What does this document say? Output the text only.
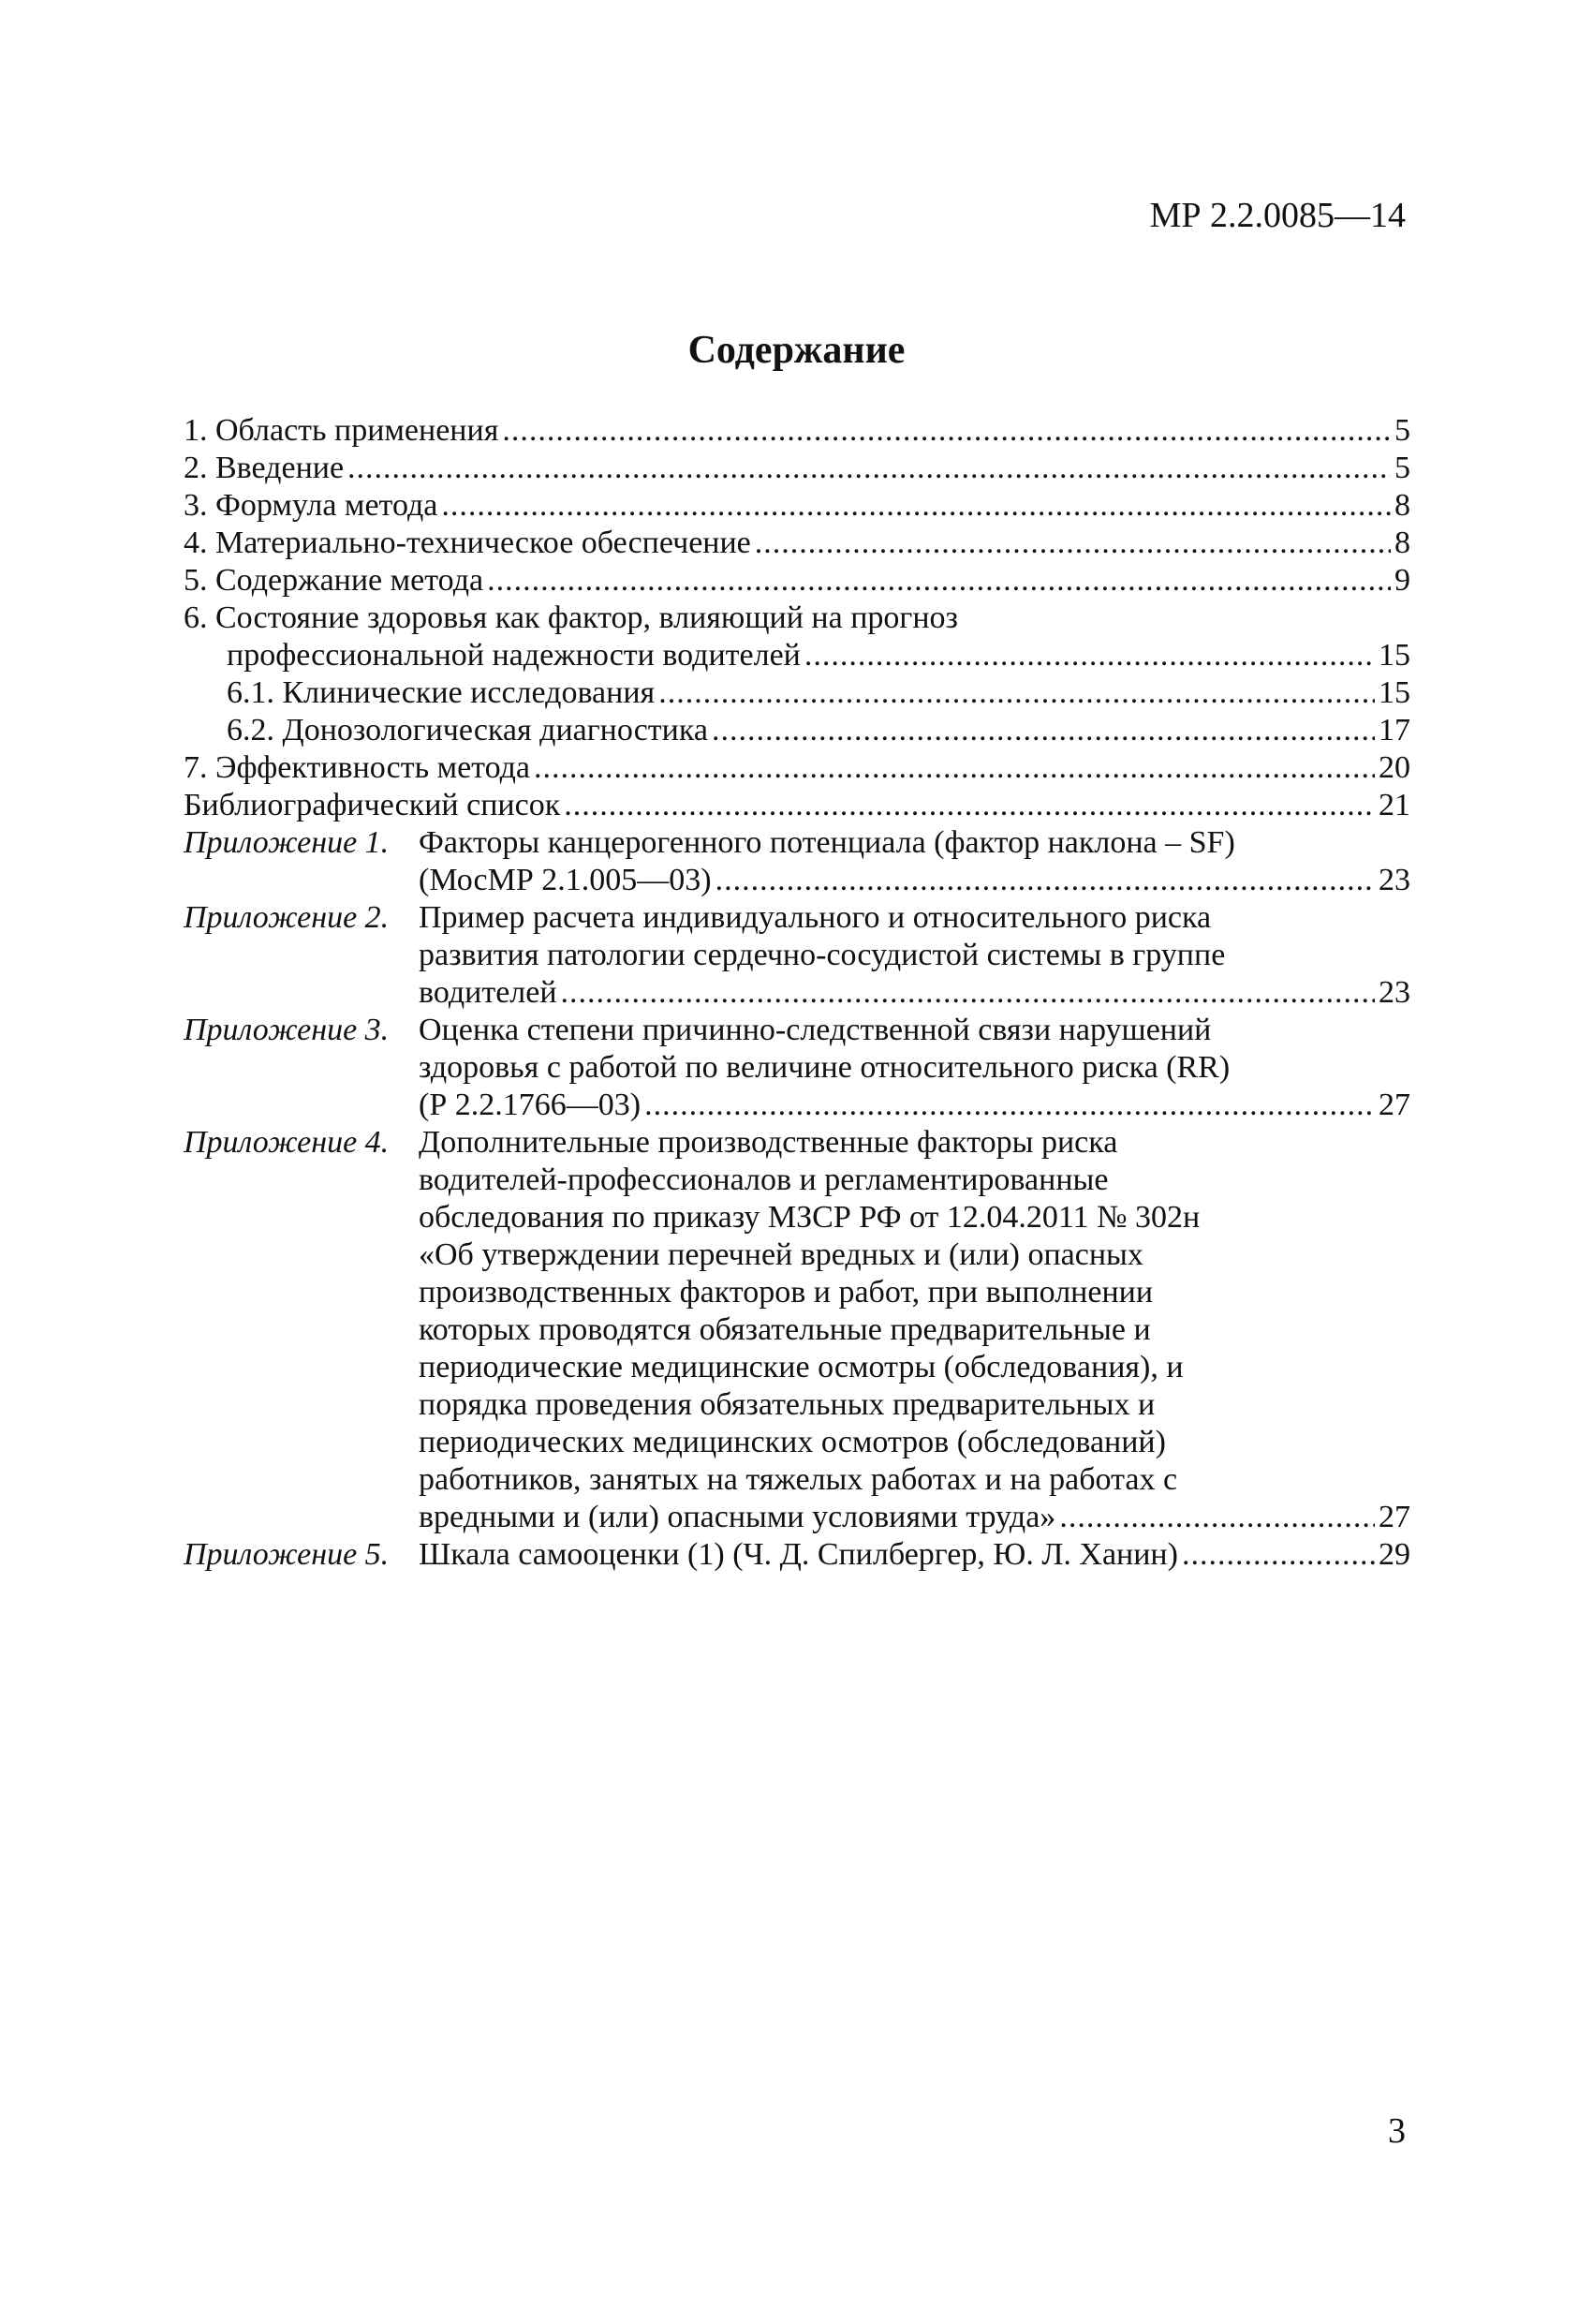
МР 2.2.0085—14
Содержание
1. Область применения .....	5
2. Введение .....	5
3. Формула метода .....	8
4. Материально-техническое обеспечение .....	8
5. Содержание метода .....	9
6. Состояние здоровья как фактор, влияющий на прогноз
профессиональной надежности водителей .....	15
6.1. Клинические исследования .....	15
6.2. Донозологическая диагностика .....	17
7. Эффективность метода .....	20
Библиографический список .....	21
Приложение 1. Факторы канцерогенного потенциала (фактор наклона – SF)
(МосМР 2.1.005—03) .....	23
Приложение 2. Пример расчета индивидуального и относительного риска
развития патологии сердечно-сосудистой системы в группе
водителей .....	23
Приложение 3. Оценка степени причинно-следственной связи нарушений
здоровья с работой по величине относительного риска (RR)
(Р 2.2.1766—03) .....	27
Приложение 4. Дополнительные производственные факторы риска
водителей-профессионалов и регламентированные
обследования по приказу МЗСР РФ от 12.04.2011 № 302н
«Об утверждении перечней вредных и (или) опасных
производственных факторов и работ, при выполнении
которых проводятся обязательные предварительные и
периодические медицинские осмотры (обследования), и
порядка проведения обязательных предварительных и
периодических медицинских осмотров (обследований)
работников, занятых на тяжелых работах и на работах с
вредными и (или) опасными условиями труда» .....	27
Приложение 5. Шкала самооценки (1) (Ч. Д. Спилбергер, Ю. Л. Ханин) .....	29
3
